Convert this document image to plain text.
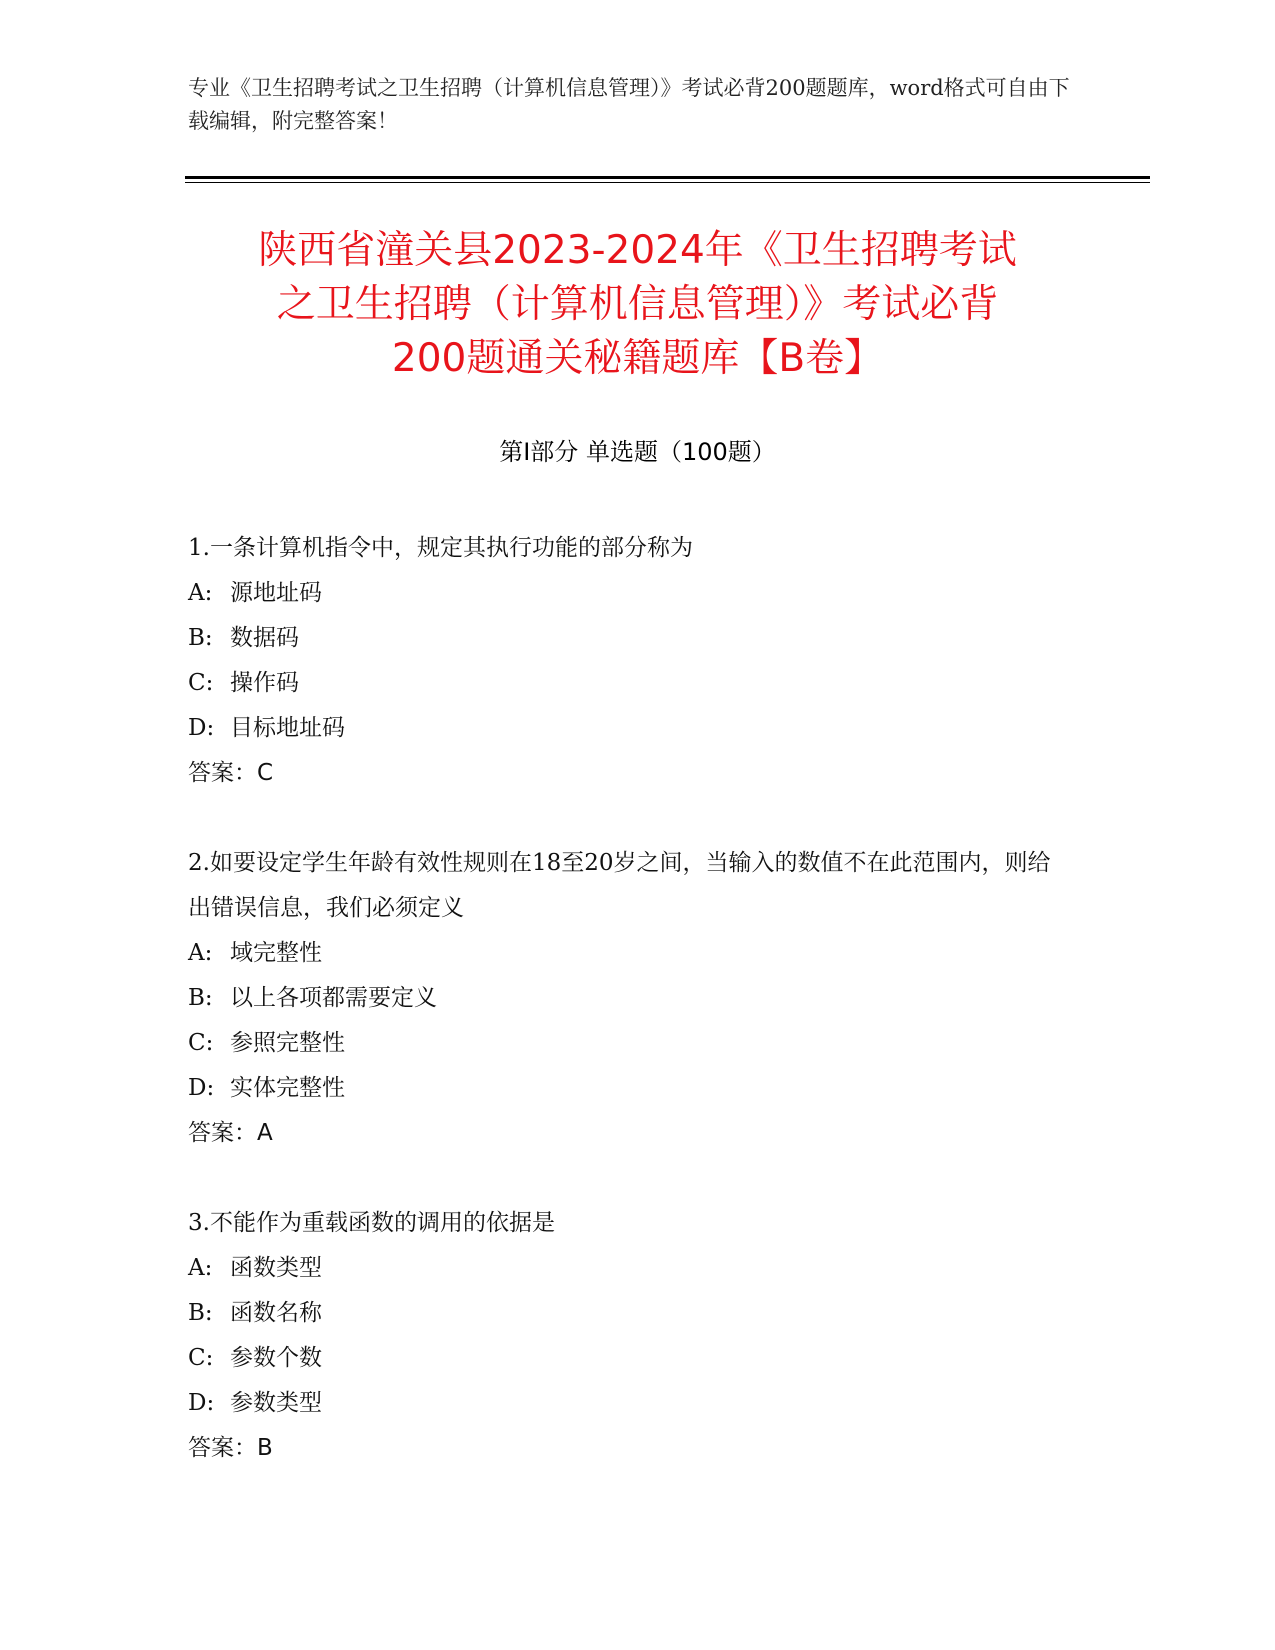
专业《卫生招聘考试之卫生招聘（计算机信息管理）》考试必背200题题库，word格式可自由下载编辑，附完整答案！
陕西省潼关县2023-2024年《卫生招聘考试
之卫生招聘（计算机信息管理）》考试必背
200题通关秘籍题库【B卷】
第Ⅰ部分 单选题（100题）

1.一条计算机指令中，规定其执行功能的部分称为

A: 源地址码

B: 数据码

C: 操作码

D: 目标地址码

答案：C

2.如要设定学生年龄有效性规则在18至20岁之间，当输入的数值不在此范围内，则给出错误信息，我们必须定义

A: 域完整性

B: 以上各项都需要定义

C: 参照完整性

D: 实体完整性

答案：A

3.不能作为重载函数的调用的依据是

A: 函数类型

B: 函数名称

C: 参数个数

D: 参数类型

答案：B
